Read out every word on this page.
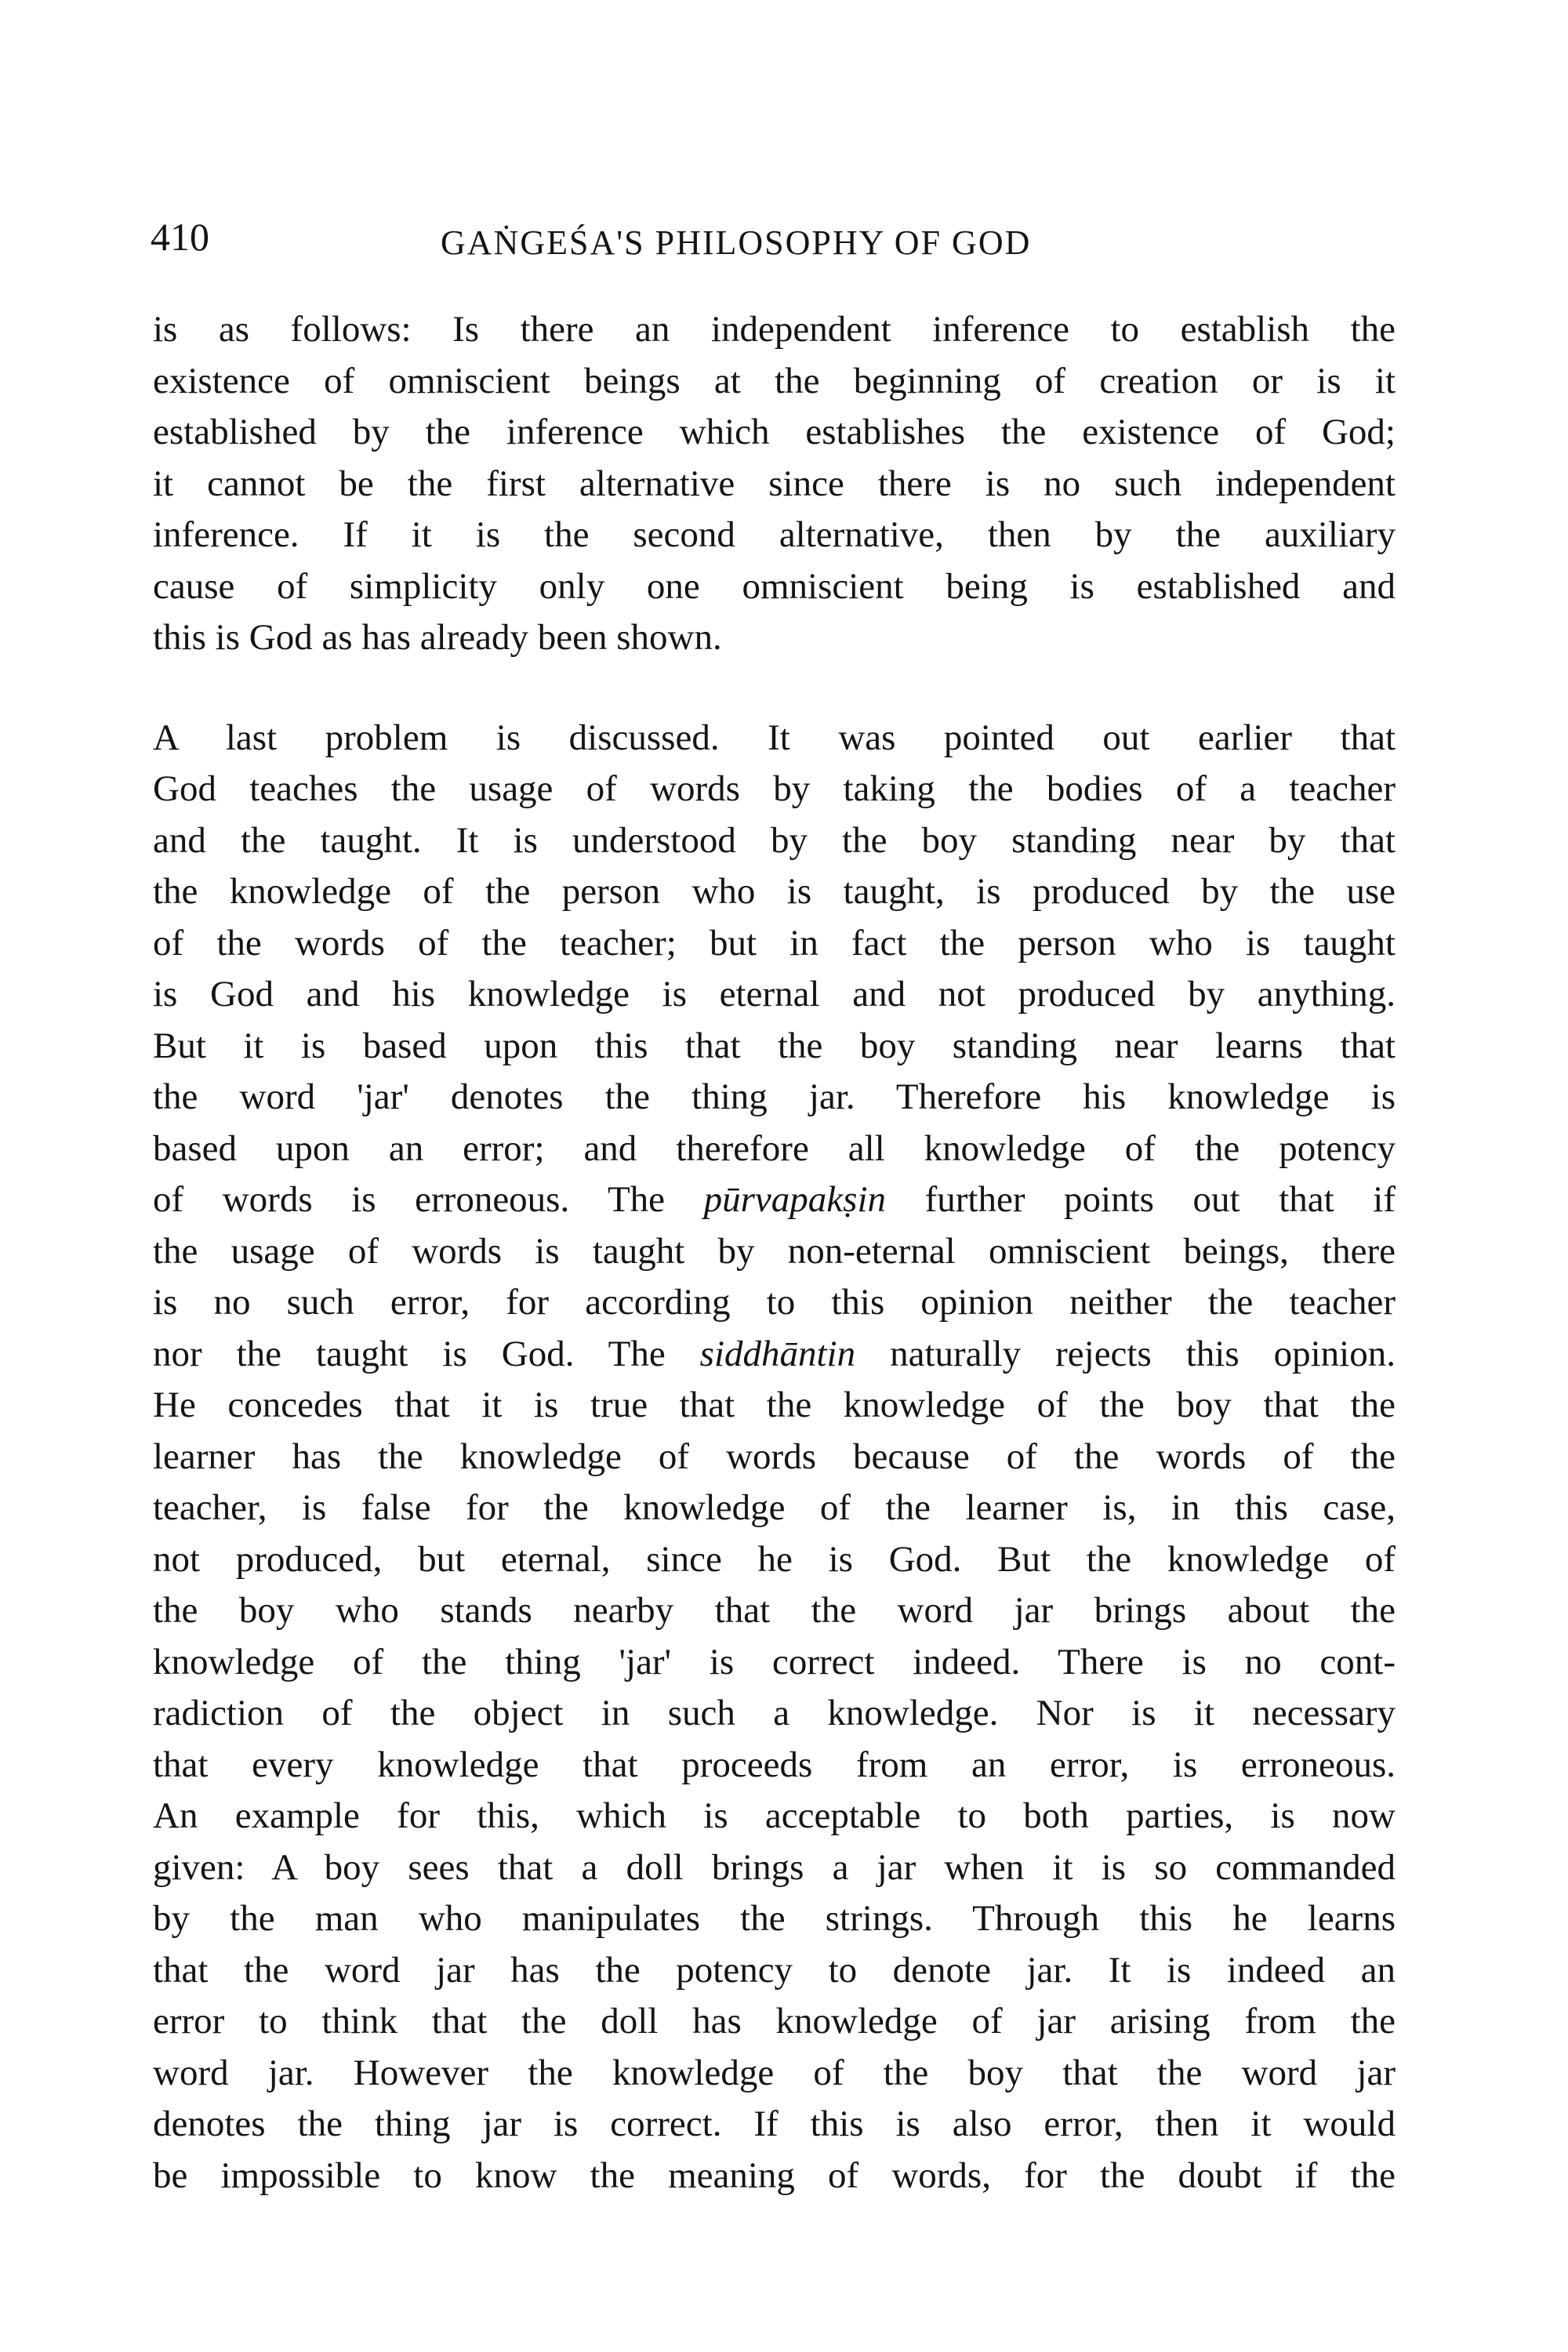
410	GAṄGEŚA'S PHILOSOPHY OF GOD
is as follows: Is there an independent inference to establish the
existence of omniscient beings at the beginning of creation or is it
established by the inference which establishes the existence of God;
it cannot be the first alternative since there is no such independent
inference. If it is the second alternative, then by the auxiliary
cause of simplicity only one omniscient being is established and
this is God as has already been shown.
A last problem is discussed. It was pointed out earlier that
God teaches the usage of words by taking the bodies of a teacher
and the taught. It is understood by the boy standing near by that
the knowledge of the person who is taught, is produced by the use
of the words of the teacher; but in fact the person who is taught
is God and his knowledge is eternal and not produced by anything.
But it is based upon this that the boy standing near learns that
the word 'jar' denotes the thing jar. Therefore his knowledge is
based upon an error; and therefore all knowledge of the potency
of words is erroneous. The pūrvapakṣin further points out that if
the usage of words is taught by non-eternal omniscient beings, there
is no such error, for according to this opinion neither the teacher
nor the taught is God. The siddhāntin naturally rejects this opinion.
He concedes that it is true that the knowledge of the boy that the
learner has the knowledge of words because of the words of the
teacher, is false for the knowledge of the learner is, in this case,
not produced, but eternal, since he is God. But the knowledge of
the boy who stands nearby that the word jar brings about the
knowledge of the thing 'jar' is correct indeed. There is no cont-
radiction of the object in such a knowledge. Nor is it necessary
that every knowledge that proceeds from an error, is erroneous.
An example for this, which is acceptable to both parties, is now
given: A boy sees that a doll brings a jar when it is so commanded
by the man who manipulates the strings. Through this he learns
that the word jar has the potency to denote jar. It is indeed an
error to think that the doll has knowledge of jar arising from the
word jar. However the knowledge of the boy that the word jar
denotes the thing jar is correct. If this is also error, then it would
be impossible to know the meaning of words, for the doubt if the
